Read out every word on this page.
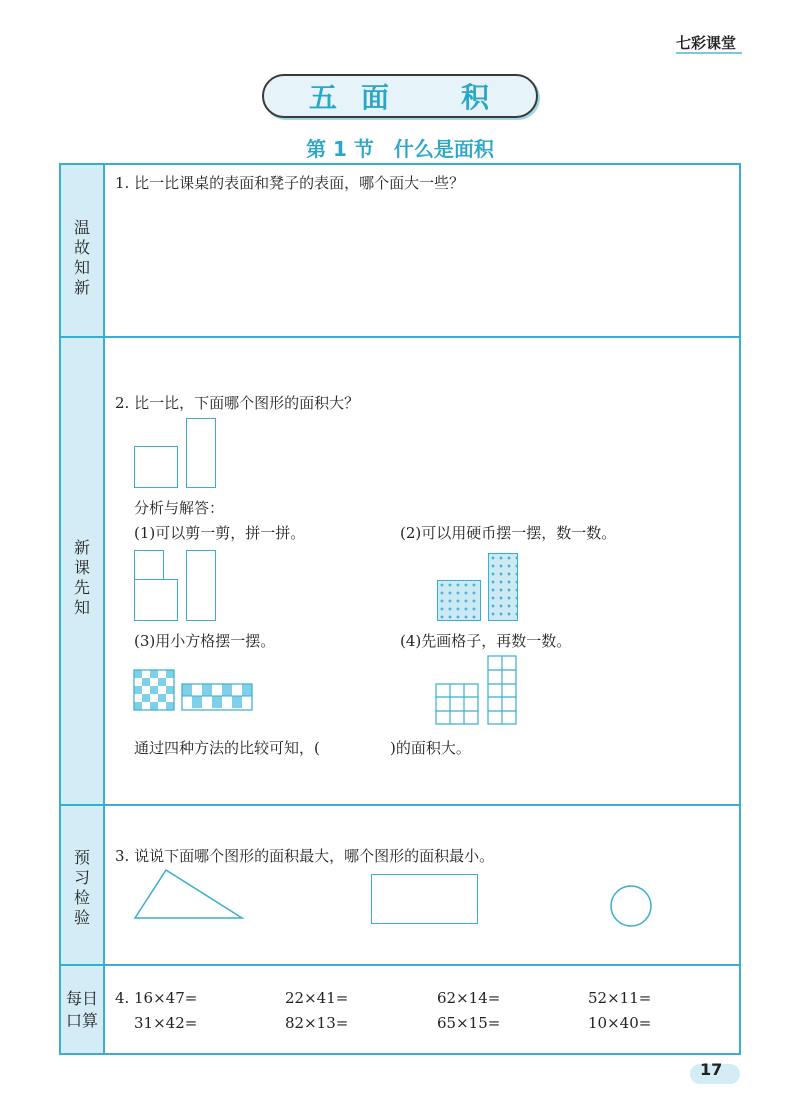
七彩课堂
五 面	积
第 1 节　什么是面积
温
故
知
新
新
课
先
知
预
习
检
验
每日
口算
1. 比一比课桌的表面和凳子的表面，哪个面大一些？
2. 比一比，下面哪个图形的面积大？
分析与解答：
(1)可以剪一剪，拼一拼。	(2)可以用硬币摆一摆，数一数。
(3)用小方格摆一摆。	(4)先画格子，再数一数。
通过四种方法的比较可知，(	)的面积大。
3. 说说下面哪个图形的面积最大，哪个图形的面积最小。
4. 16×47=	22×41=	62×14=	52×11=
31×42=	82×13=	65×15=	10×40=
17
